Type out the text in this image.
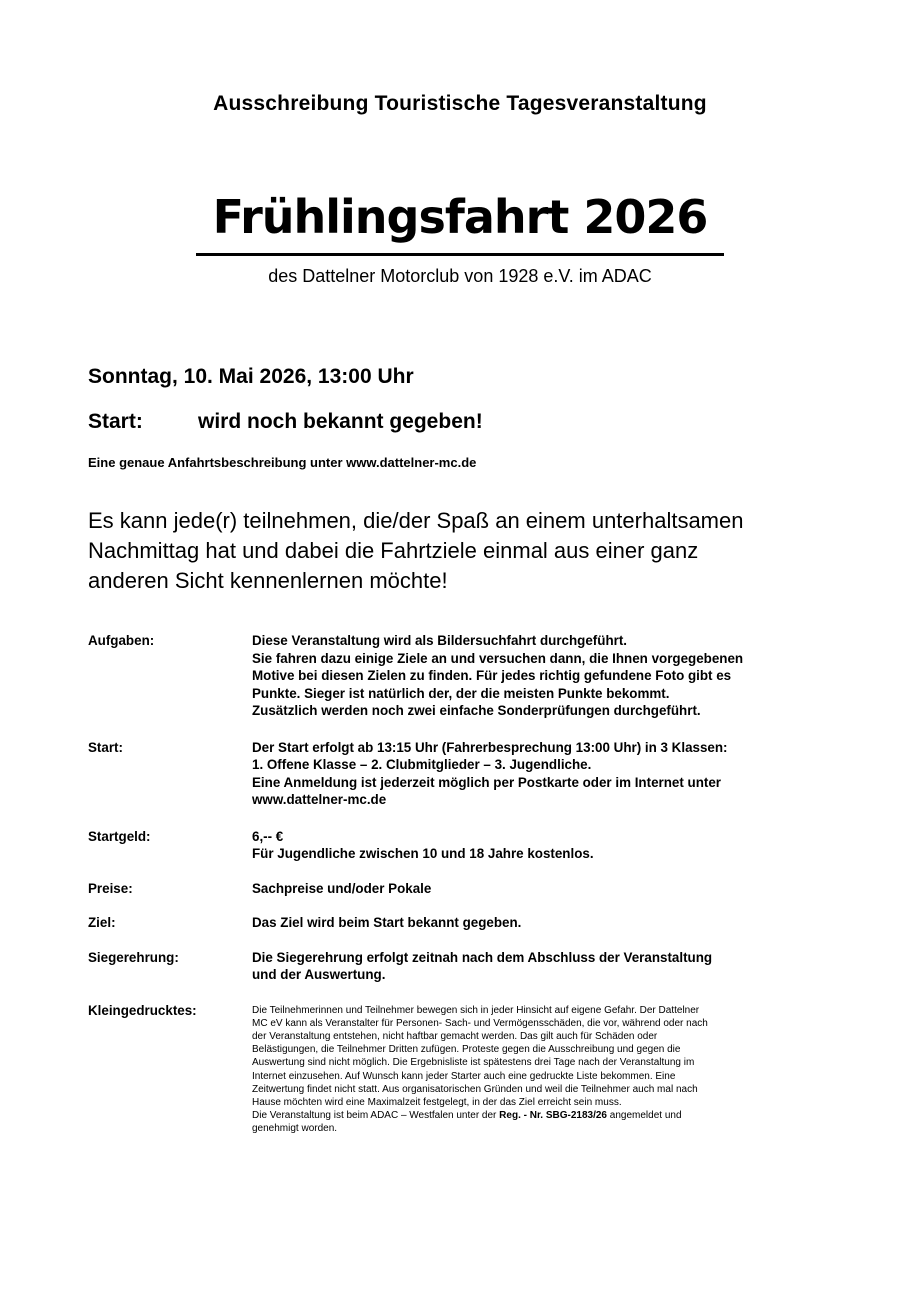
Ausschreibung Touristische Tagesveranstaltung
Frühlingsfahrt 2026
des Dattelner Motorclub von 1928 e.V. im ADAC
Sonntag, 10. Mai 2026, 13:00 Uhr
Start:	wird noch bekannt gegeben!
Eine genaue Anfahrtsbeschreibung unter www.dattelner-mc.de
Es kann jede(r) teilnehmen, die/der Spaß an einem unterhaltsamen
Nachmittag hat und dabei die Fahrtziele einmal aus einer ganz
anderen Sicht kennenlernen möchte!
Aufgaben:	Diese Veranstaltung wird als Bildersuchfahrt durchgeführt.
Sie fahren dazu einige Ziele an und versuchen dann, die Ihnen vorgegebenen
Motive bei diesen Zielen zu finden. Für jedes richtig gefundene Foto gibt es
Punkte. Sieger ist natürlich der, der die meisten Punkte bekommt.
Zusätzlich werden noch zwei einfache Sonderprüfungen durchgeführt.
Start:	Der Start erfolgt ab 13:15 Uhr (Fahrerbesprechung 13:00 Uhr) in 3 Klassen:
1. Offene Klasse – 2. Clubmitglieder – 3. Jugendliche.
Eine Anmeldung ist jederzeit möglich per Postkarte oder im Internet unter
www.dattelner-mc.de
Startgeld:	6,-- €
Für Jugendliche zwischen 10 und 18 Jahre kostenlos.
Preise:	Sachpreise und/oder Pokale
Ziel:	Das Ziel wird beim Start bekannt gegeben.
Siegerehrung:	Die Siegerehrung erfolgt zeitnah nach dem Abschluss der Veranstaltung
und der Auswertung.
Kleingedrucktes:	Die Teilnehmerinnen und Teilnehmer bewegen sich in jeder Hinsicht auf eigene Gefahr. Der Dattelner
MC eV kann als Veranstalter für Personen- Sach- und Vermögensschäden, die vor, während oder nach
der Veranstaltung entstehen, nicht haftbar gemacht werden. Das gilt auch für Schäden oder
Belästigungen, die Teilnehmer Dritten zufügen. Proteste gegen die Ausschreibung und gegen die
Auswertung sind nicht möglich. Die Ergebnisliste ist spätestens drei Tage nach der Veranstaltung im
Internet einzusehen. Auf Wunsch kann jeder Starter auch eine gedruckte Liste bekommen. Eine
Zeitwertung findet nicht statt. Aus organisatorischen Gründen und weil die Teilnehmer auch mal nach
Hause möchten wird eine Maximalzeit festgelegt, in der das Ziel erreicht sein muss.
Die Veranstaltung ist beim ADAC – Westfalen unter der Reg. - Nr. SBG-2183/26 angemeldet und
genehmigt worden.
